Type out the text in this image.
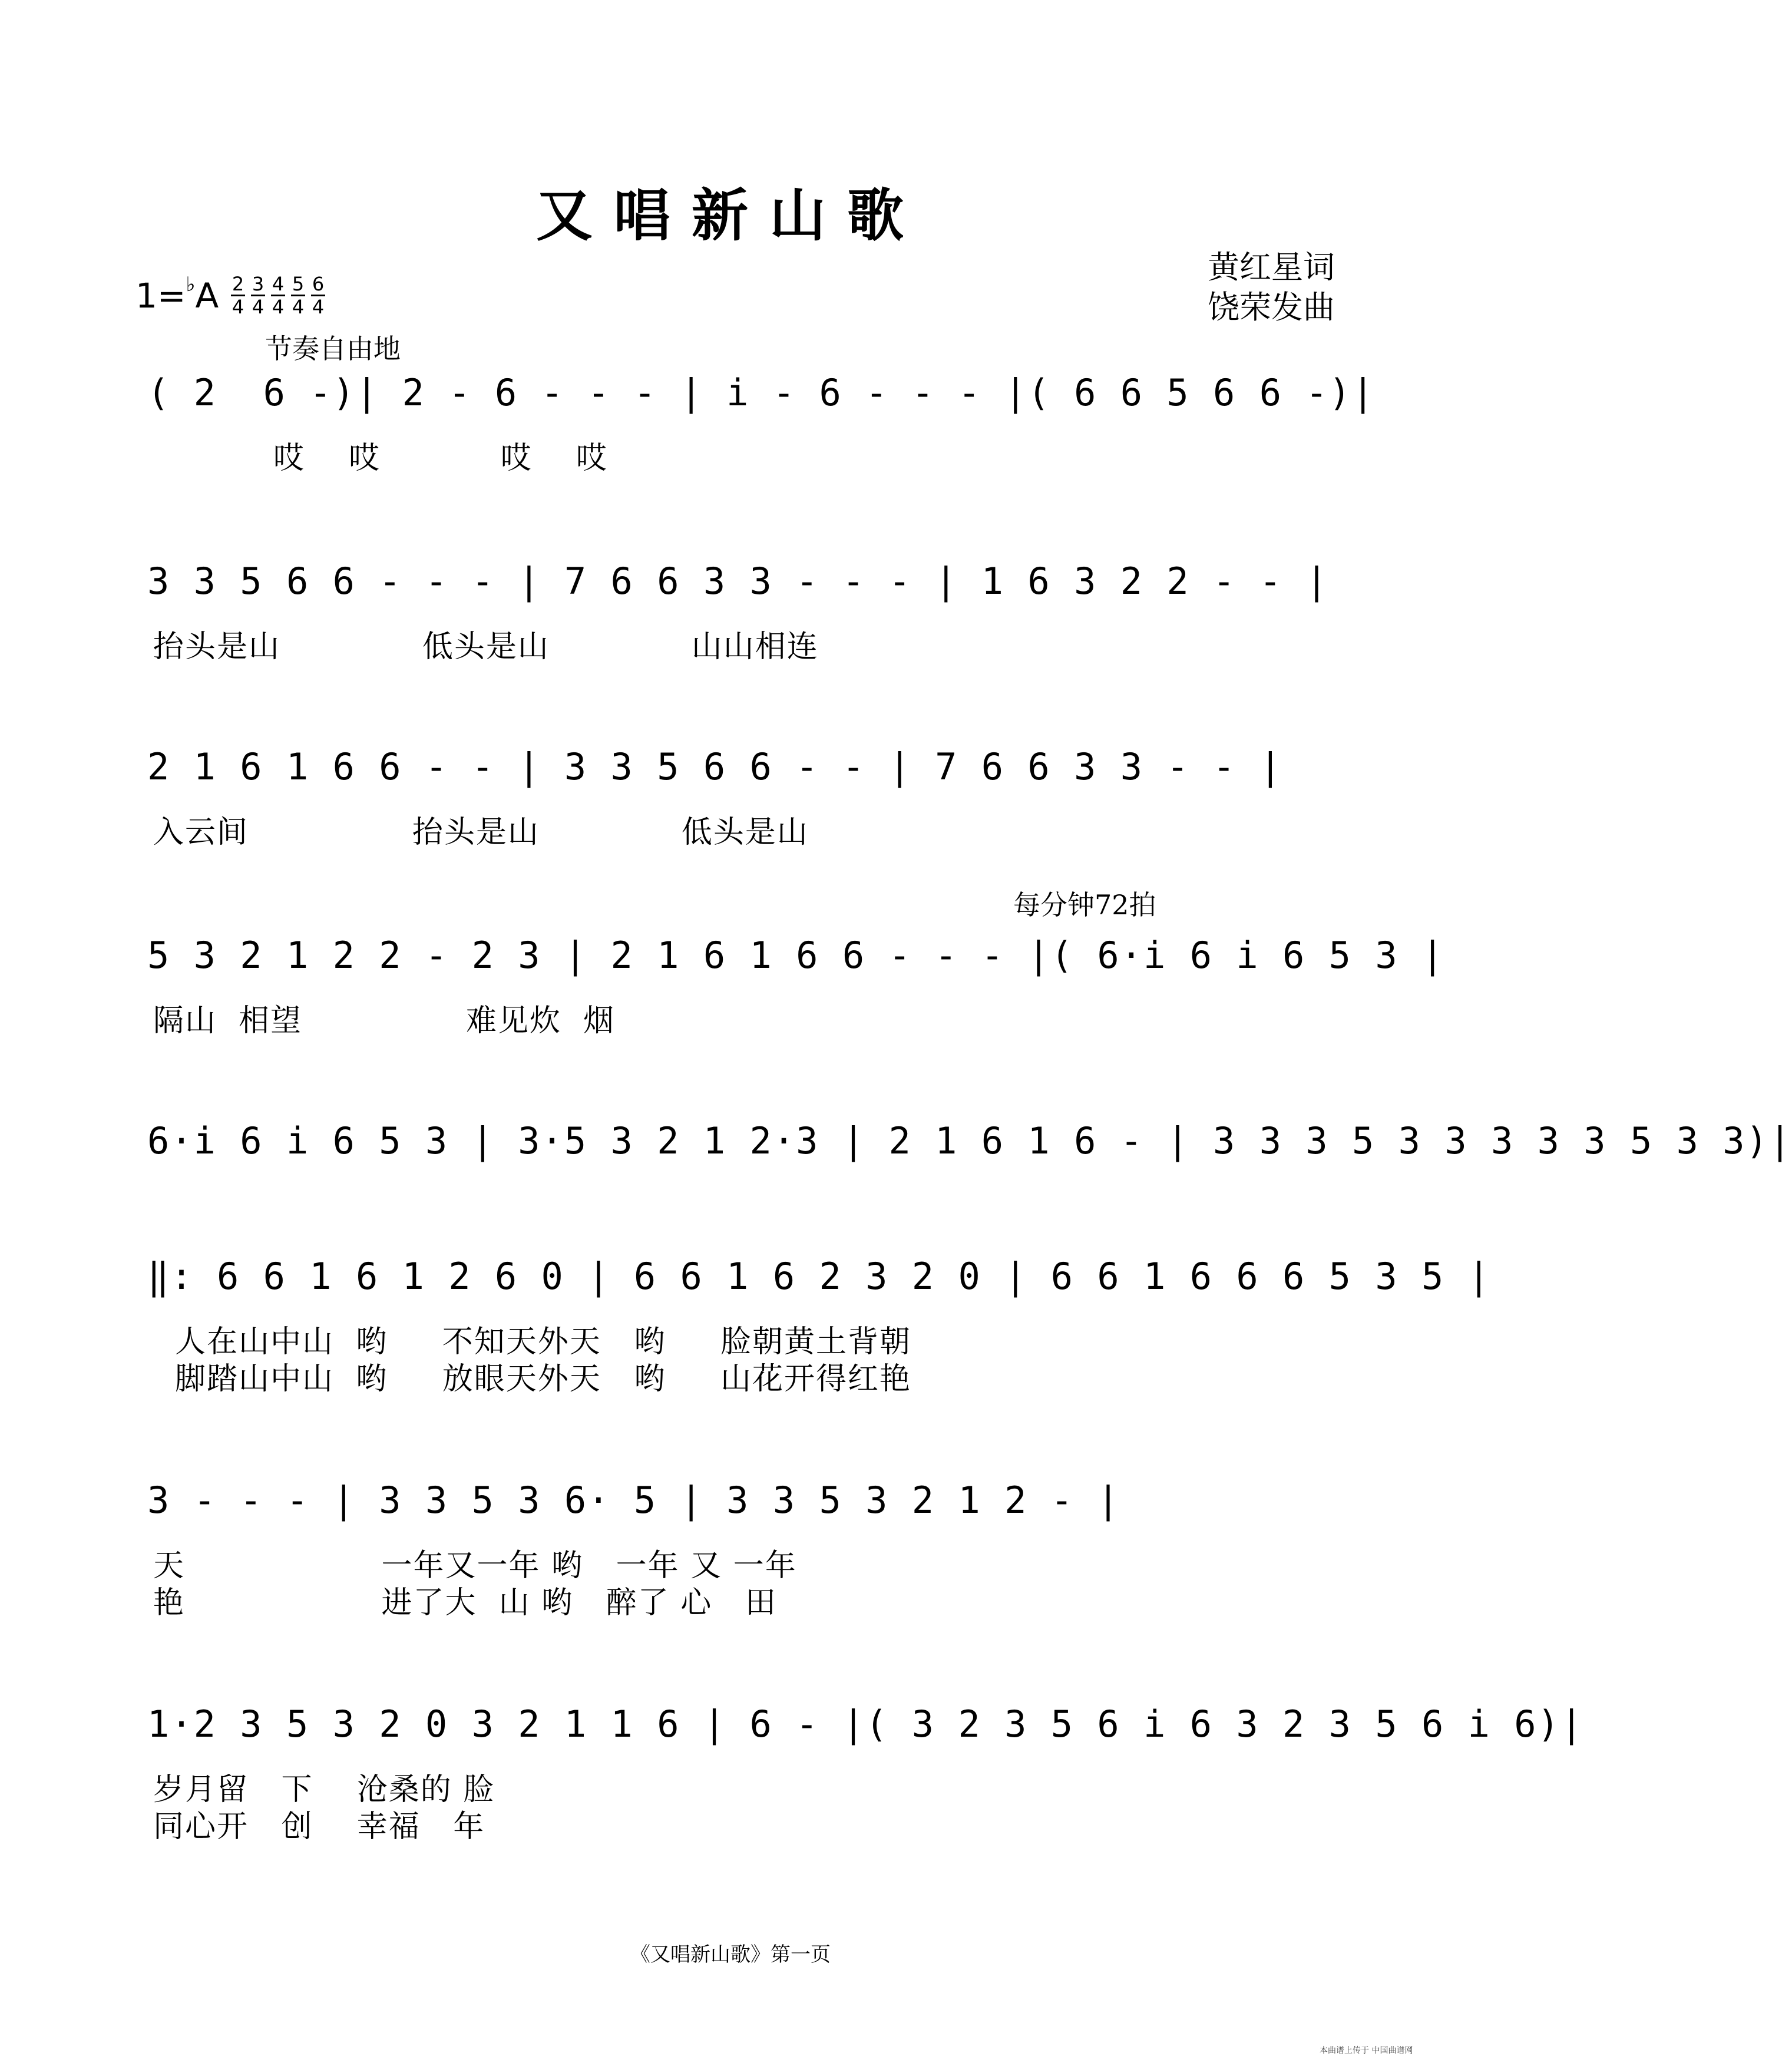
又唱新山歌
黄红星词
饶荣发曲
$1=^♭A \frac{2}{4} \frac{3}{4} \frac{4}{4} \frac{5}{4} \frac{6}{4}$
节奏自由地
每分钟72拍
( 2  6 -)| 2 - 6 - - - | i - 6 - - - |( 6 6 5 6 6 -)|
哎    哎           哎    哎
3 3 5 6 6 - - - | 7 6 6 3 3 - - - | 1 6 3 2 2 - - |
抬头是山             低头是山             山山相连
2 1 6 1 6 6 - - | 3 3 5 6 6 - - | 7 6 6 3 3 - - |
入云间               抬头是山             低头是山
5 3 2 1 2 2 - 2 3 | 2 1 6 1 6 6 - - - |( 6·i 6 i 6 5 3 |
隔山  相望               难见炊  烟
6·i 6 i 6 5 3 | 3·5 3 2 1 2·3 | 2 1 6 1 6 - | 3 3 3 5 3 3 3 3 3 5 3 3)|
‖: 6 6 1 6 1 2 6 0 | 6 6 1 6 2 3 2 0 | 6 6 1 6 6 6 5 3 5 |
人在山中山  哟     不知天外天   哟     脸朝黄土背朝
脚踏山中山  哟     放眼天外天   哟     山花开得红艳
3 - - - | 3 3 5 3 6· 5 | 3 3 5 3 2 1 2 - |
天                  一年又一年 哟   一年 又 一年
艳                  进了大  山 哟   醉了 心   田
1·2 3 5 3 2 0 3 2 1 1 6 | 6 - |( 3 2 3 5 6 i 6 3 2 3 5 6 i 6)|
岁月留   下    沧桑的 脸
同心开   创    幸福   年
《又唱新山歌》第一页
本曲谱上传于 中国曲谱网
